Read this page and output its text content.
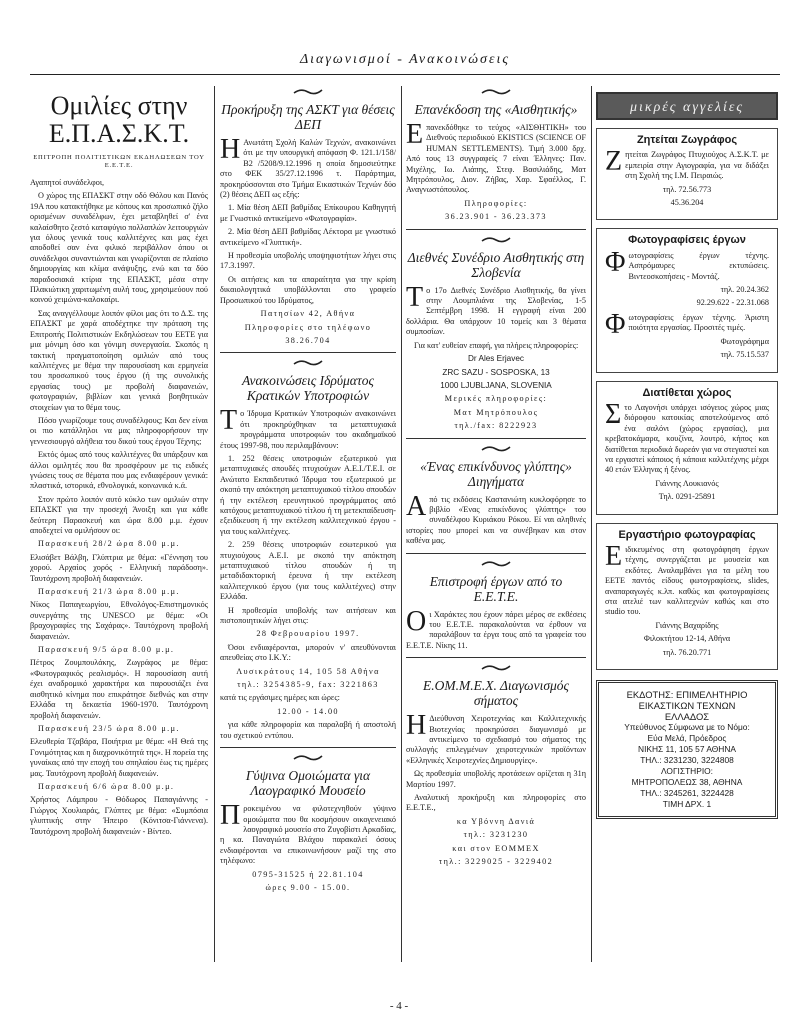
Διαγωνισμοί - Ανακοινώσεις
Ομιλίες στην Ε.Π.Α.Σ.Κ.Τ.
ΕΠΙΤΡΟΠΗ ΠΟΛΙΤΙΣΤΙΚΩΝ ΕΚΔΗΛΩΣΕΩΝ ΤΟΥ Ε.Ε.Τ.Ε.

Αγαπητοί συνάδελφοι,

Ο χώρος της ΕΠΑΣΚΤ στην οδό Θόλου και Πανός 19Α που κατακτήθηκε με κόπους και προσωπικό ζήλο ορισμένων συναδέλφων, έχει μεταβληθεί σ' ένα καλαίσθητο ζεστό καταφύγιο πολλαπλών λειτουργιών για όλους γενικά τους καλλιτέχνες και μας έχει αποδοθεί σαν ένα φιλικό περιβάλλον όπου οι συνάδελφοι συναντιώνται και γνωρίζονται σε πλαίσιο δημιουργίας και κλίμα ανάψυξης, ενώ και τα δύο παραδοσιακά κτίρια της ΕΠΑΣΚΤ, μέσα στην Πλακιώτικη χαριτωμένη αυλή τους, χρησιμεύουν πού κοινού χειμώνα-καλοκαίρι.

Σας αναγγέλλουμε λοιπόν φίλοι μας ότι το Δ.Σ. της ΕΠΑΣΚΤ με χαρά αποδέχτηκε την πρόταση της Επιτροπής Πολιτιστικών Εκδηλώσεων του ΕΕΤΕ για μια μόνιμη όσο και γόνιμη συνεργασία. Σκοπός η τακτική πραγματοποίηση ομιλιών από τους καλλιτέχνες με θέμα την παρουσίαση και ερμηνεία του προσωπικού τους έργου (ή της συνολικής εργασίας τους) με προβολή διαφανειών, φωτογραφιών, βιβλίων και γενικά βοηθητικών στοιχείων για το θέμα τους.

Πόσο γνωρίζουμε τους συναδέλφους; Και δεν είναι οι πιο κατάλληλοι να μας πληροφορήσουν την γεννεσιουργό αλήθεια του δικού τους έργου Τέχνης;

Εκτός όμως από τους καλλιτέχνες θα υπάρξουν και άλλοι ομιλητές που θα προσφέρουν με τις ειδικές γνώσεις τους σε θέματα που μας ενδιαφέρουν γενικά: πλαστικά, ιστορικά, εθνολογικά, κοινωνικά κ.ά.

Στον πρώτο λοιπόν αυτό κύκλο των ομιλιών στην ΕΠΑΣΚΤ για την προσεχή Άνοιξη και για κάθε δεύτερη Παρασκευή και ώρα 8.00 μ.μ. έχουν αποδεχτεί να ομιλήσουν οι:

Παρασκευή 28/2 ώρα 8.00 μ.μ.

Ελισάβετ Βάλβη, Γλύπτρια με θέμα: «Γέννηση του χορού. Αρχαίος χορός - Ελληνική παράδοση». Ταυτόχρονη προβολή διαφανειών.

Παρασκευή 21/3 ώρα 8.00 μ.μ.

Νίκος Παπαγεωργίου, Εθνολόγος-Επιστημονικός συνεργάτης της UNESCO με θέμα: «Οι βραχογραφίες της Σαχάρας». Ταυτόχρονη προβολή διαφανειών.

Παρασκευή 9/5 ώρα 8.00 μ.μ.

Πέτρος Ζουμπουλάκης, Ζωγράφος με θέμα: «Φωτογραφικός ρεαλισμός». Η παρουσίαση αυτή έχει αναδρομικό χαρακτήρα και παρουσιάζει ένα αισθητικό κίνημα που επικράτησε διεθνώς και στην Ελλάδα τη δεκαετία 1960-1970. Ταυτόχρονη προβολή διαφανειών.

Παρασκευή 23/5 ώρα 8.00 μ.μ.

Ελευθερία Τζαβάρα, Ποιήτρια με θέμα: «Η Θεά της Γονιμότητας και η διαχρονικότητά της». Η πορεία της γυναίκας από την εποχή του σπηλαίου έως τις ημέρες μας. Ταυτόχρονη προβολή διαφανειών.

Παρασκευή 6/6 ώρα 8.00 μ.μ.

Χρήστος Λάμπρου - Θόδωρος Παπαγιάννης - Γιώργος Χουλιαράς, Γλύπτες με θέμα: «Συμπόσια γλυπτικής στην Ήπειρο (Κόνιτσα-Γιάννενα). Ταυτόχρονη προβολή διαφανειών - Βίντεο.

Προκήρυξη της ΑΣΚΤ για θέσεις ΔΕΠ

Η Ανωτάτη Σχολή Καλών Τεχνών, ανακοινώνει ότι με την υπουργική απόφαση Φ. 121.1/158/Β2 /5208/9.12.1996 η οποία δημοσιεύτηκε στο ΦΕΚ 35/27.12.1996 τ. Παράρτημα, προκηρύσσονται στο Τμήμα Εικαστικών Τεχνών δύο (2) θέσεις ΔΕΠ ως εξής:

1. Μία θέση ΔΕΠ βαθμίδας Επίκουρου Καθηγητή με Γνωστικό αντικείμενο «Φωτογραφία».

2. Μία θέση ΔΕΠ βαθμίδας Λέκτορα με γνωστικό αντικείμενο «Γλυπτική».

Η προθεσμία υποβολής υποψηφιοτήτων λήγει στις 17.3.1997.

Οι αιτήσεις και τα απαραίτητα για την κρίση δικαιολογητικά υποβάλλονται στο γραφείο Προσωπικού του Ιδρύματος,

Πατησίων 42, Αθήνα

Πληροφορίες στο τηλέφωνο

38.26.704

Ανακοινώσεις Ιδρύματος Κρατικών Υποτροφιών

Το Ίδρυμα Κρατικών Υποτροφιών ανακοινώνει ότι προκηρύχθηκαν τα μεταπτυχιακά προγράμματα υποτροφιών του ακαδημαϊκού έτους 1997-98, που περιλαμβάνουν:

1. 252 θέσεις υποτροφιών εξωτερικού για μεταπτυχιακές σπουδές πτυχιούχων Α.Ε.Ι./Τ.Ε.Ι. σε Ανώτατο Εκπαιδευτικό Ίδρυμα του εξωτερικού με σκοπό την απόκτηση μεταπτυχιακού τίτλου σπουδών ή την εκτέλεση ερευνητικού προγράμματος από κατόχους μεταπτυχιακού τίτλου ή τη μετεκπαίδευση-εξειδίκευση ή την εκτέλεση καλλιτεχνικού έργου - για τους καλλιτέχνες.

2. 259 θέσεις υποτροφιών εσωτερικού για πτυχιούχους Α.Ε.Ι. με σκοπό την απόκτηση μεταπτυχιακού τίτλου σπουδών ή τη μεταδιδακτορική έρευνα ή την εκτέλεση καλλιτεχνικού έργου (για τους καλλιτέχνες) στην Ελλάδα.

Η προθεσμία υποβολής των αιτήσεων και πιστοποιητικών λήγει στις:

28 Φεβρουαρίου 1997.

Όσοι ενδιαφέρονται, μπορούν ν' απευθύνονται απευθείας στο Ι.Κ.Υ.:

Λυσικράτους 14, 105 58 Αθήνα

τηλ.: 3254385-9, fax: 3221863

κατά τις εργάσιμες ημέρες και ώρες:

12.00 - 14.00

για κάθε πληροφορία και παραλαβή ή αποστολή του σχετικού εντύπου.

Γύψινα Ομοιώματα για Λαογραφικό Μουσείο

Προκειμένου να φιλοτεχνηθούν γύψινο ομοιώματα που θα κοσμήσουν οικογενειακό λαογραφικό μουσείο στο Ζυγοβίστι Αρκαδίας, η κα. Παναγιώτα Βλάχου παρακαλεί όσους ενδιαφέρονται να επικοινωνήσουν μαζί της στο τηλέφωνο:

0795-31525 ή 22.81.104

ώρες 9.00 - 15.00.

Επανέκδοση της «Αισθητικής»

Επανεκδόθηκε το τεύχος «ΑΙΣΘΗΤΙΚΗ» του Διεθνούς περιοδικού EKISTICS (SCIENCE OF HUMAN SETTLEMENTS). Τιμή 3.000 δρχ. Από τους 13 συγγραφείς 7 είναι Έλληνες: Παν. Μιχέλης, Ιω. Λιάπης, Στεφ. Βασιλιάδης, Ματ Μητρόπουλος, Διον. Ζήβας, Χαρ. Σφαέλλος, Γ. Αναγνωστόπουλος.

Πληροφορίες:

36.23.901 - 36.23.373

Διεθνές Συνέδριο Αισθητικής στη Σλοβενία

Το 17ο Διεθνές Συνέδριο Αισθητικής, θα γίνει στην Λουμπλιάνα της Σλοβενίας, 1-5 Σεπτέμβρη 1998. Η εγγραφή είναι 200 δολλάρια. Θα υπάρχουν 10 τομείς και 3 θέματα συμποσίων.

Για κατ' ευθείαν επαφή, για πλήρεις πληροφορίες:

Dr Ales Erjavec

ZRC SAZU - SOSPOSKA, 13

1000 LJUBLJANA, SLOVENIA

Μερικές πληροφορίες:

Ματ Μητρόπουλος

τηλ./fax: 8222923

«Ένας επικίνδυνος γλύπτης» Διηγήματα

Από τις εκδόσεις Καστανιώτη κυκλοφόρησε το βιβλίο «Ένας επικίνδυνος γλύπτης» του συναδέλφου Κυριάκου Ρόκου. Εί ναι αληθινές ιστορίες που μπορεί και να συνέβηκαν και στον καθένα μας.

Επιστροφή έργων από το Ε.Ε.Τ.Ε.

Οι Χαράκτες που έχουν πάρει μέρος σε εκθέσεις του Ε.Ε.Τ.Ε. παρακαλούνται να έρθουν να παραλάβουν τα έργα τους από τα γραφεία του Ε.Ε.Τ.Ε. Νίκης 11.

Ε.ΟΜ.Μ.Ε.Χ. Διαγωνισμός σήματος

Η Διεύθυνση Χειροτεχνίας και Καλλιτεχνικής Βιοτεχνίας προκηρύσσει διαγωνισμό με αντικείμενο το σχεδιασμό του σήματος της συλλογής επιλεγμένων χειροτεχνικών προϊόντων «Ελληνικές Χειροτεχνίες Δημιουργίες».

Ως προθεσμία υποβολής προτάσεων ορίζεται η 31η Μαρτίου 1997.

Αναλυτική προκήρυξη και πληροφορίες στο Ε.Ε.Τ.Ε.,

κα Υβόννη Δανιά

τηλ.: 3231230

και στον ΕΟΜΜΕΧ

τηλ.: 3229025 - 3229402

μικρές αγγελίες
Ζητείται Ζωγράφος

Ζητείται Ζωγράφος Πτυχιούχος Α.Σ.Κ.Τ. με εμπειρία στην Αγιογραφία, για να διδάξει στη Σχολή της Ι.Μ. Πειραιώς.

τηλ. 72.56.773

45.36.204

Φωτογραφίσεις έργων

Φωτογραφίσεις έργων τέχνης. Ασπρόμαυρες εκτυπώσεις. Βιντεοσκοπήσεις - Μοντάζ.

τηλ. 20.24.362

92.29.622 - 22.31.068

Φωτογραφίσεις έργων τέχνης. Άριστη ποιότητα εργασίας. Προσιτές τιμές.

Φωτογράφημα

τηλ. 75.15.537

Διατίθεται χώρος

Στο Λαγονήσι υπάρχει ισόγειος χώρος μιας διόροφου κατοικίας αποτελούμενος από ένα σαλόνι (χώρος εργασίας), μια κρεβατοκάμαρα, κουζίνα, λουτρό, κήπος και διατίθεται περιοδικά δωρεάν για να στεγαστεί και να εργαστεί κάποιος ή κάποια καλλιτέχνης μέχρι 40 ετών Έλληνας ή ξένος.

Γιάννης Λουκιανός

Τηλ. 0291-25891

Εργαστήριο φωτογραφίας

Ειδικευμένος στη φωτογράφηση έργων τέχνης, συνεργάζεται με μουσεία και εκδότες. Αναλαμβάνει για τα μέλη του ΕΕΤΕ παντός είδους φωτογραφίσεις, slides, αναπαραγωγές κ.λπ. καθώς και φωτογραφίσεις στα ατελιέ των καλλιτεχνών καθώς και στο studio του.

Γιάννης Βαχαρίδης

Φιλοκτήτου 12-14, Αθήνα

τηλ. 76.20.771

ΕΚΔΟΤΗΣ: ΕΠΙΜΕΛΗΤΗΡΙΟ
ΕΙΚΑΣΤΙΚΩΝ ΤΕΧΝΩΝ
ΕΛΛΑΔΟΣ
Υπεύθυνος Σύμφωνα με το Νόμο:
Εύα Μελά, Πρόεδρος
ΝΙΚΗΣ 11, 105 57 ΑΘΗΝΑ
ΤΗΛ.: 3231230, 3224808
ΛΟΓΙΣΤΗΡΙΟ:
ΜΗΤΡΟΠΟΛΕΩΣ 38, ΑΘΗΝΑ
ΤΗΛ.: 3245261, 3224428
ΤΙΜΗ ΔΡΧ. 1
- 4 -
